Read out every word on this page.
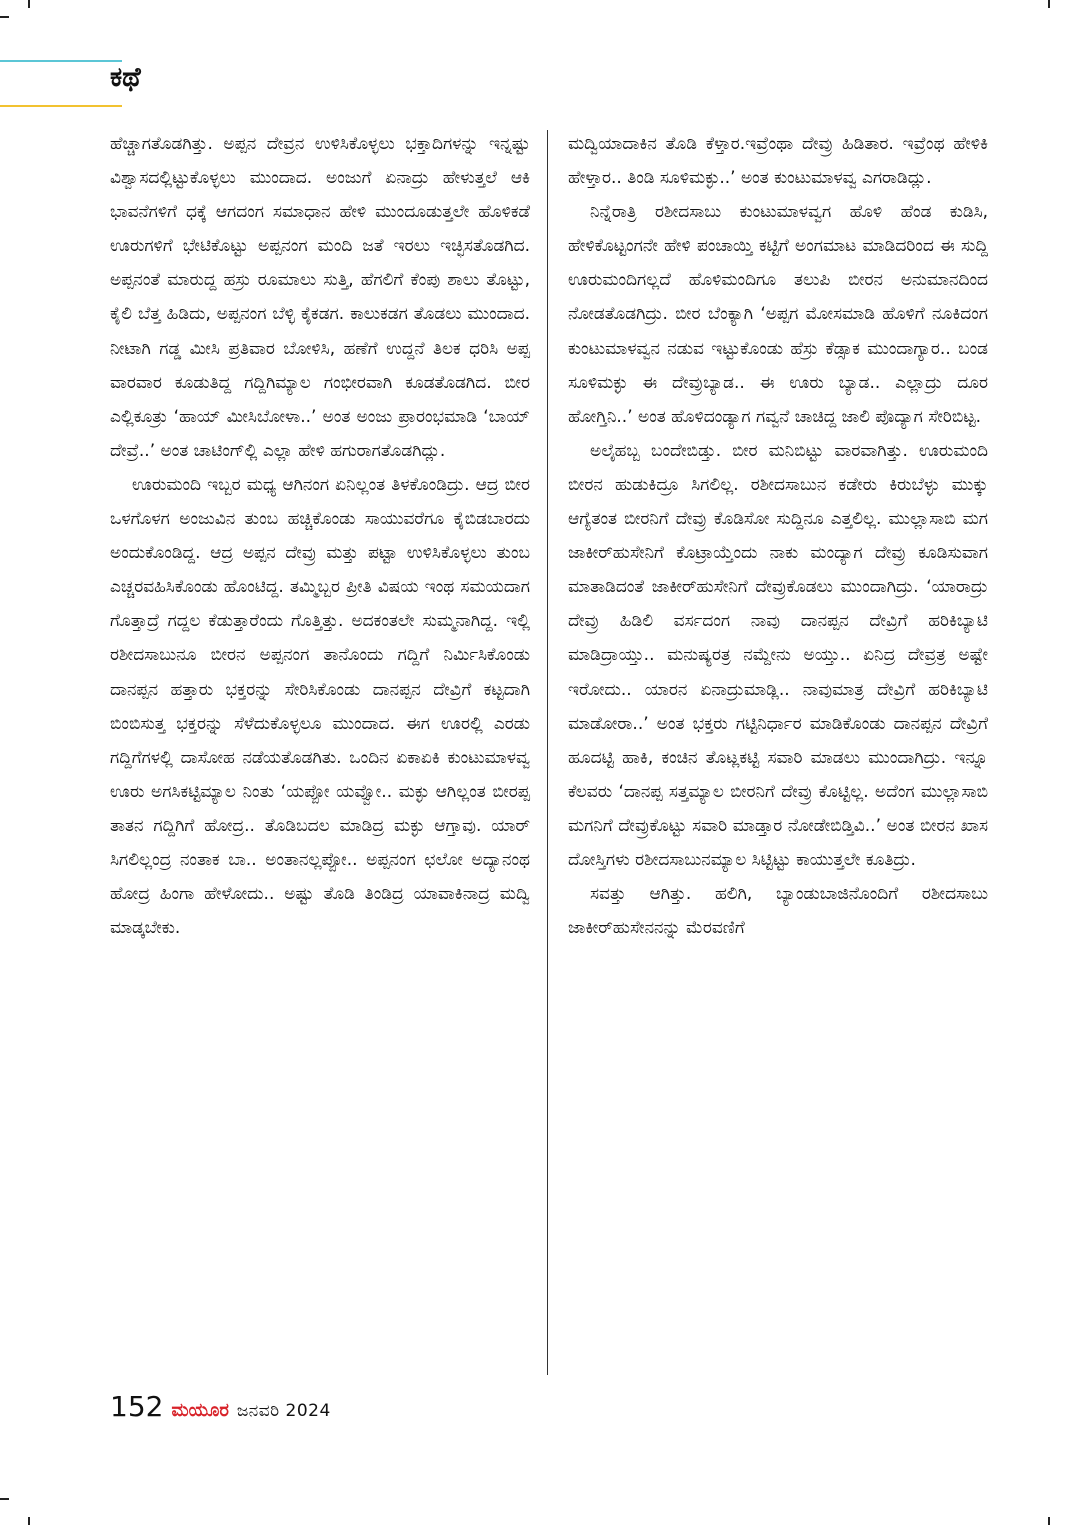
ಕಥೆ

ಹೆಚ್ಚಾಗತೊಡಗಿತ್ತು. ಅಪ್ಪನ ದೇವ್ರನ ಉಳಿಸಿಕೊಳ್ಳಲು ಭಕ್ತಾದಿಗಳನ್ನು ಇನ್ನಷ್ಟು ವಿಶ್ವಾಸದಲ್ಲಿಟ್ಟುಕೊಳ್ಳಲು ಮುಂದಾದ. ಅಂಜುಗೆ ಏನಾದ್ರು ಹೇಳುತ್ತಲೆ ಆಕಿ ಭಾವನೆಗಳಿಗೆ ಧಕ್ಕೆ ಆಗದಂಗ ಸಮಾಧಾನ ಹೇಳಿ ಮುಂದೂಡುತ್ತಲೇ ಹೊಳಿಕಡೆ ಊರುಗಳಿಗೆ ಭೇಟಿಕೊಟ್ಟು ಅಪ್ಪನಂಗ ಮಂದಿ ಜತೆ ಇರಲು ಇಚ್ಛಿಸತೊಡಗಿದ. ಅಪ್ಪನಂತೆ ಮಾರುದ್ದ ಹಸ್ರು ರೂಮಾಲು ಸುತ್ತಿ, ಹೆಗಲಿಗೆ ಕೆಂಪು ಶಾಲು ತೊಟ್ಟು, ಕೈಲಿ ಬೆತ್ತ ಹಿಡಿದು, ಅಪ್ಪನಂಗ ಬೆಳ್ಳಿ ಕೈಕಡಗ. ಕಾಲುಕಡಗ ತೊಡಲು ಮುಂದಾದ. ನೀಟಾಗಿ ಗಡ್ಡ ಮೀಸಿ ಪ್ರತಿವಾರ ಬೋಳಿಸಿ, ಹಣೆಗೆ ಉದ್ದನೆ ತಿಲಕ ಧರಿಸಿ ಅಪ್ಪ ವಾರವಾರ ಕೂಡುತಿದ್ದ ಗದ್ದಿಗಿಮ್ಯಾಲ ಗಂಭೀರವಾಗಿ ಕೂಡತೊಡಗಿದ. ಬೀರ ಎಲ್ಲಿಕೂತ್ರು ‘ಹಾಯ್ ಮೀಸಿಬೋಳಾ..’ ಅಂತ ಅಂಜು ಪ್ರಾರಂಭಮಾಡಿ ‘ಬಾಯ್ ದೇವ್ರೆ..’ ಅಂತ ಚಾಟಿಂಗ್‌ಲ್ಲಿ ಎಲ್ಲಾ ಹೇಳಿ ಹಗುರಾಗತೊಡಗಿದ್ಲು.

ಊರುಮಂದಿ ಇಬ್ಬರ ಮಧ್ಯ ಆಗಿನಂಗ ಏನಿಲ್ಲಂತ ತಿಳಕೊಂಡಿದ್ರು. ಆದ್ರ ಬೀರ ಒಳಗೊಳಗ ಅಂಜುವಿನ ತುಂಬ ಹಚ್ಚಿಕೊಂಡು ಸಾಯುವರೆಗೂ ಕೈಬಿಡಬಾರದು ಅಂದುಕೊಂಡಿದ್ದ. ಆದ್ರ ಅಪ್ಪನ ದೇವ್ರು ಮತ್ತು ಪಟ್ಟಾ ಉಳಿಸಿಕೊಳ್ಳಲು ತುಂಬ ಎಚ್ಚರವಹಿಸಿಕೊಂಡು ಹೊಂಟಿದ್ದ. ತಮ್ಮಿಬ್ಬರ ಪ್ರೀತಿ ವಿಷಯ ಇಂಥ ಸಮಯದಾಗ ಗೊತ್ತಾದ್ರೆ ಗದ್ದಲ ಕೆಡುತ್ತಾರೆಂದು ಗೊತ್ತಿತ್ತು. ಅದಕಂತಲೇ ಸುಮ್ಮನಾಗಿದ್ದ. ಇಲ್ಲಿ ರಶೀದಸಾಬುನೂ ಬೀರನ ಅಪ್ಪನಂಗ ತಾನೊಂದು ಗದ್ದಿಗೆ ನಿರ್ಮಿಸಿಕೊಂಡು ದಾನಪ್ಪನ ಹತ್ತಾರು ಭಕ್ತರನ್ನು ಸೇರಿಸಿಕೊಂಡು ದಾನಪ್ಪನ ದೇವ್ರಿಗೆ ಕಟ್ಟದಾಗಿ ಬಿಂಬಿಸುತ್ತ ಭಕ್ತರನ್ನು ಸೆಳೆದುಕೊಳ್ಳಲೂ ಮುಂದಾದ. ಈಗ ಊರಲ್ಲಿ ಎರಡು ಗದ್ದಿಗೆಗಳಲ್ಲಿ ದಾಸೋಹ ನಡೆಯತೊಡಗಿತು. ಒಂದಿನ ಏಕಾಏಕಿ ಕುಂಟುಮಾಳವ್ವ ಊರು ಅಗಸಿಕಟ್ಟಿಮ್ಯಾಲ ನಿಂತು ‘ಯಪ್ಪೋ ಯವ್ವೋ.. ಮಕ್ಳು ಆಗಿಲ್ಲಂತ ಬೀರಪ್ಪ ತಾತನ ಗದ್ದಿಗಿಗೆ ಹೋದ್ರ.. ತೊಡಿಬದಲ ಮಾಡಿದ್ರ ಮಕ್ಳು ಆಗ್ತಾವು. ಯಾರ್ ಸಿಗಲಿಲ್ಲಂದ್ರ ನಂತಾಕ ಬಾ.. ಅಂತಾನಲ್ಲಪ್ಪೋ.. ಅಪ್ಪನಂಗ ಛಲೋ ಅದ್ಯಾನಂಥ ಹೋದ್ರ ಹಿಂಗಾ ಹೇಳೋದು.. ಅಷ್ಟು ತೊಡಿ ತಿಂಡಿದ್ರ ಯಾವಾಕಿನಾದ್ರ ಮದ್ವಿ ಮಾಡ್ಕಬೇಕು.

ಮದ್ವಿಯಾದಾಕಿನ ತೊಡಿ ಕೆಳ್ತಾರ.ಇವ್ರೆಂಥಾ ದೇವ್ರು ಹಿಡಿತಾರ. ಇವ್ರೆಂಥ ಹೇಳಿಕಿ ಹೇಳ್ತಾರ.. ತಿಂಡಿ ಸೂಳಿಮಕ್ಳು..’ ಅಂತ ಕುಂಟುಮಾಳವ್ವ ಎಗರಾಡಿದ್ಲು.

ನಿನ್ನೆರಾತ್ರಿ ರಶೀದಸಾಬು ಕುಂಟುಮಾಳವ್ವಗ ಹೊಳಿ ಹೆಂಡ ಕುಡಿಸಿ, ಹೇಳಿಕೊಟ್ಟಂಗನೇ ಹೇಳಿ ಪಂಚಾಯ್ತಿ ಕಟ್ಟಿಗೆ ಅಂಗಮಾಟ ಮಾಡಿದರಿಂದ ಈ ಸುದ್ದಿ ಊರುಮಂದಿಗಲ್ಲದೆ ಹೊಳಿಮಂದಿಗೂ ತಲುಪಿ ಬೀರನ ಅನುಮಾನದಿಂದ ನೋಡತೊಡಗಿದ್ರು. ಬೀರ ಬೆಂಕ್ಯಾಗಿ ‘ಅಪ್ಪಗ ಮೋಸಮಾಡಿ ಹೊಳಿಗೆ ನೂಕಿದಂಗ ಕುಂಟುಮಾಳವ್ವನ ನಡುವ ಇಟ್ಟುಕೊಂಡು ಹೆಸ್ರು ಕೆಡ್ಸಾಕ ಮುಂದಾಗ್ಯಾರ.. ಬಂಡ ಸೂಳಿಮಕ್ಳು ಈ ದೇವ್ರುಬ್ಯಾಡ.. ಈ ಊರು ಬ್ಯಾಡ.. ಎಲ್ಲಾದ್ರು ದೂರ ಹೋಗ್ತಿನಿ..’ ಅಂತ ಹೊಳಿದಂಡ್ಯಾಗ ಗವ್ವನೆ ಚಾಚಿದ್ದ ಜಾಲಿ ಪೊದ್ಯಾಗ ಸೇರಿಬಿಟ್ಟ.

ಅಲೈಹಬ್ಬ ಬಂದೇಬಿಡ್ತು. ಬೀರ ಮನಿಬಿಟ್ಟು ವಾರವಾಗಿತ್ತು. ಊರುಮಂದಿ ಬೀರನ ಹುಡುಕಿದ್ರೂ ಸಿಗಲಿಲ್ಲ. ರಶೀದಸಾಬುನ ಕಡೇರು ಕಿರುಬೆಳ್ಳು ಮುಕ್ಕು ಆಗ್ಯೆತಂತ ಬೀರನಿಗೆ ದೇವ್ರು ಕೊಡಿಸೋ ಸುದ್ದಿನೂ ಎತ್ತಲಿಲ್ಲ. ಮುಲ್ಲಾಸಾಬಿ ಮಗ ಜಾಕೀರ್‌ಹುಸೇನಿಗೆ ಕೊಟ್ರಾಯ್ತೆಂದು ನಾಕು ಮಂದ್ಯಾಗ ದೇವ್ರು ಕೂಡಿಸುವಾಗ ಮಾತಾಡಿದಂತೆ ಜಾಕೀರ್‌ಹುಸೇನಿಗೆ ದೇವ್ರುಕೊಡಲು ಮುಂದಾಗಿದ್ರು. ‘ಯಾರಾದ್ರು ದೇವ್ರು ಹಿಡಿಲಿ ವರ್ಸದಂಗ ನಾವು ದಾನಪ್ಪನ ದೇವ್ರಿಗೆ ಹರಿಕಿಬ್ಯಾಟಿ ಮಾಡಿದ್ರಾಯ್ತು.. ಮನುಷ್ಯರತ್ರ ನಮ್ದೇನು ಅಯ್ತು.. ಏನಿದ್ರ ದೇವ್ರತ್ರ ಅಷ್ಟೇ ಇರೋದು.. ಯಾರನ ಏನಾದ್ರುಮಾಡ್ಲಿ.. ನಾವುಮಾತ್ರ ದೇವ್ರಿಗೆ ಹರಿಕಿಬ್ಯಾಟಿ ಮಾಡೋರಾ..’ ಅಂತ ಭಕ್ತರು ಗಟ್ಟಿನಿರ್ಧಾರ ಮಾಡಿಕೊಂಡು ದಾನಪ್ಪನ ದೇವ್ರಿಗೆ ಹೂದಟ್ಟಿ ಹಾಕಿ, ಕಂಚಿನ ತೊಟ್ಲಕಟ್ಟಿ ಸವಾರಿ ಮಾಡಲು ಮುಂದಾಗಿದ್ರು. ಇನ್ನೂ ಕೆಲವರು ‘ದಾನಪ್ಪ ಸತ್ತಮ್ಯಾಲ ಬೀರನಿಗೆ ದೇವ್ರು ಕೊಟ್ಟಿಲ್ಲ. ಅದೆಂಗ ಮುಲ್ಲಾಸಾಬಿ ಮಗನಿಗೆ ದೇವ್ರುಕೊಟ್ಟು ಸವಾರಿ ಮಾಡ್ತಾರ ನೋಡೇಬಿಡ್ತಿವಿ..’ ಅಂತ ಬೀರನ ಖಾಸ ದೋಸ್ತಿಗಳು ರಶೀದಸಾಬುನಮ್ಯಾಲ ಸಿಟ್ಟಿಟ್ಟು ಕಾಯುತ್ತಲೇ ಕೂತಿದ್ರು.

ಸವತ್ತು ಆಗಿತ್ತು. ಹಲಿಗಿ, ಬ್ಯಾಂಡುಬಾಜಿನೊಂದಿಗೆ ರಶೀದಸಾಬು ಜಾಕೀರ್‌ಹುಸೇನನನ್ನು ಮೆರವಣಿಗೆ

152 ಮಯೂರ ಜನವರಿ 2024
